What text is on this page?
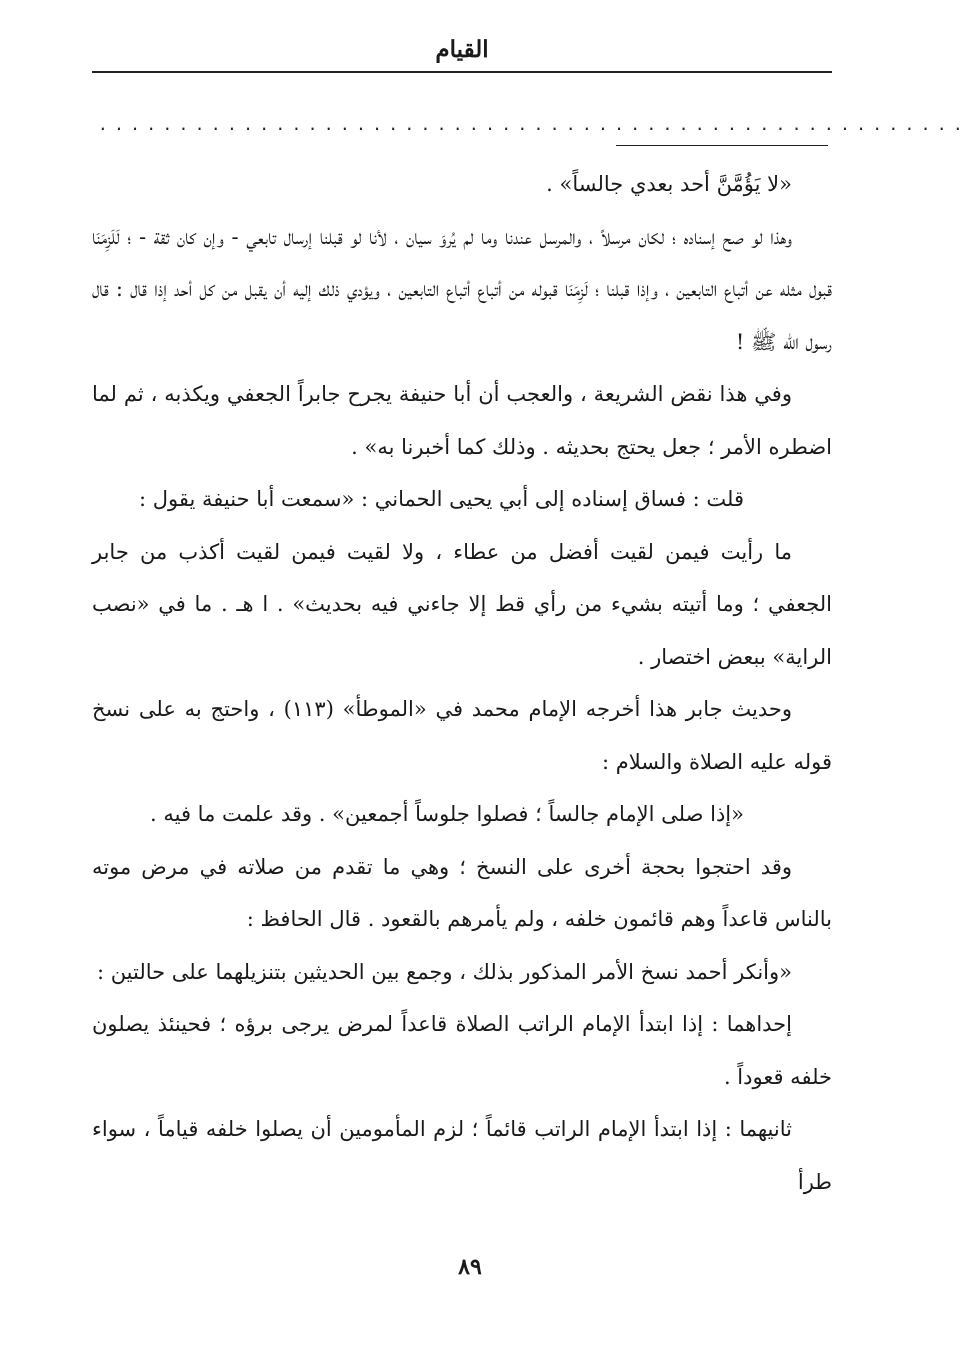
القيام
......................................................

«لا يَؤُمَّنَّ أحد بعدي جالساً» .

وهذا لو صح إسناده ؛ لكان مرسلاً ، والمرسل عندنا وما لم يُروَ سيان ، لأنا لو قبلنا إرسال تابعي - وإن كان ثقة - ؛ لَلَزِمَنَا قبول مثله عن أتباع التابعين ، وإذا قبلنا ؛ لَزِمَنَا قبوله من أتباع أتباع التابعين ، ويؤدي ذلك إليه أن يقبل من كل أحد إذا قال : قال رسول الله ﷺ !

وفي هذا نقض الشريعة ، والعجب أن أبا حنيفة يجرح جابراً الجعفي ويكذبه ، ثم لما اضطره الأمر ؛ جعل يحتج بحديثه . وذلك كما أخبرنا به» .

قلت : فساق إسناده إلى أبي يحيى الحماني : «سمعت أبا حنيفة يقول :

ما رأيت فيمن لقيت أفضل من عطاء ، ولا لقيت فيمن لقيت أكذب من جابر الجعفي ؛ وما أتيته بشيء من رأي قط إلا جاءني فيه بحديث» . ا هـ . ما في «نصب الراية» ببعض اختصار .

وحديث جابر هذا أخرجه الإمام محمد في «الموطأ» (١١٣) ، واحتج به على نسخ قوله عليه الصلاة والسلام :

«إذا صلى الإمام جالساً ؛ فصلوا جلوساً أجمعين» . وقد علمت ما فيه .

وقد احتجوا بحجة أخرى على النسخ ؛ وهي ما تقدم من صلاته في مرض موته بالناس قاعداً وهم قائمون خلفه ، ولم يأمرهم بالقعود . قال الحافظ :

«وأنكر أحمد نسخ الأمر المذكور بذلك ، وجمع بين الحديثين بتنزيلهما على حالتين :

إحداهما : إذا ابتدأ الإمام الراتب الصلاة قاعداً لمرض يرجى برؤه ؛ فحينئذ يصلون خلفه قعوداً .

ثانيهما : إذا ابتدأ الإمام الراتب قائماً ؛ لزم المأمومين أن يصلوا خلفه قياماً ، سواء طرأ

٨٩
